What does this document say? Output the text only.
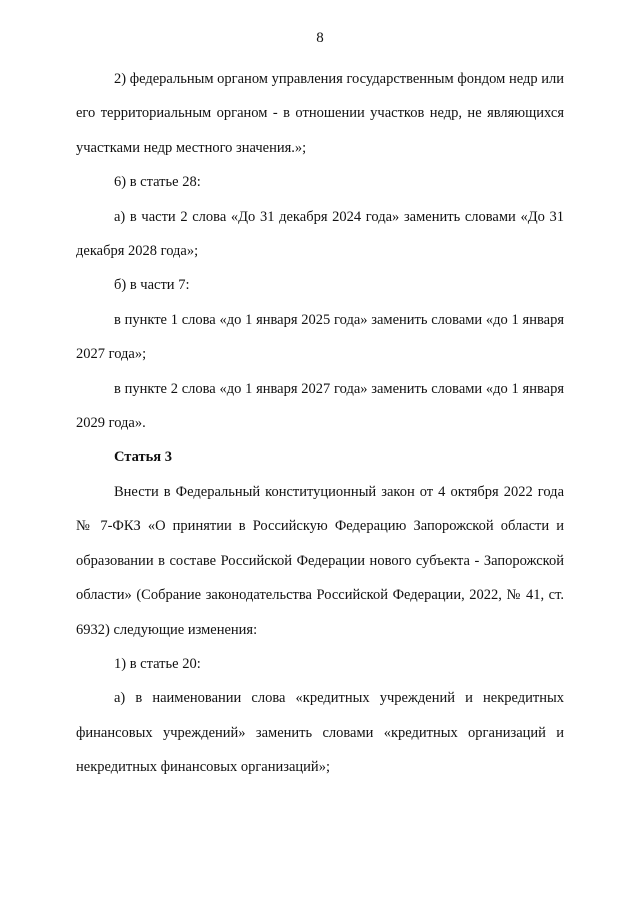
8

2) федеральным органом управления государственным фондом недр или его территориальным органом - в отношении участков недр, не являющихся участками недр местного значения.»;

6) в статье 28:

а) в части 2 слова «До 31 декабря 2024 года» заменить словами «До 31 декабря 2028 года»;

б) в части 7:

в пункте 1 слова «до 1 января 2025 года» заменить словами «до 1 января 2027 года»;

в пункте 2 слова «до 1 января 2027 года» заменить словами «до 1 января 2029 года».

Статья 3

Внести в Федеральный конституционный закон от 4 октября 2022 года № 7-ФКЗ «О принятии в Российскую Федерацию Запорожской области и образовании в составе Российской Федерации нового субъекта - Запорожской области» (Собрание законодательства Российской Федерации, 2022, № 41, ст. 6932) следующие изменения:

1) в статье 20:

а) в наименовании слова «кредитных учреждений и некредитных финансовых учреждений» заменить словами «кредитных организаций и некредитных финансовых организаций»;
